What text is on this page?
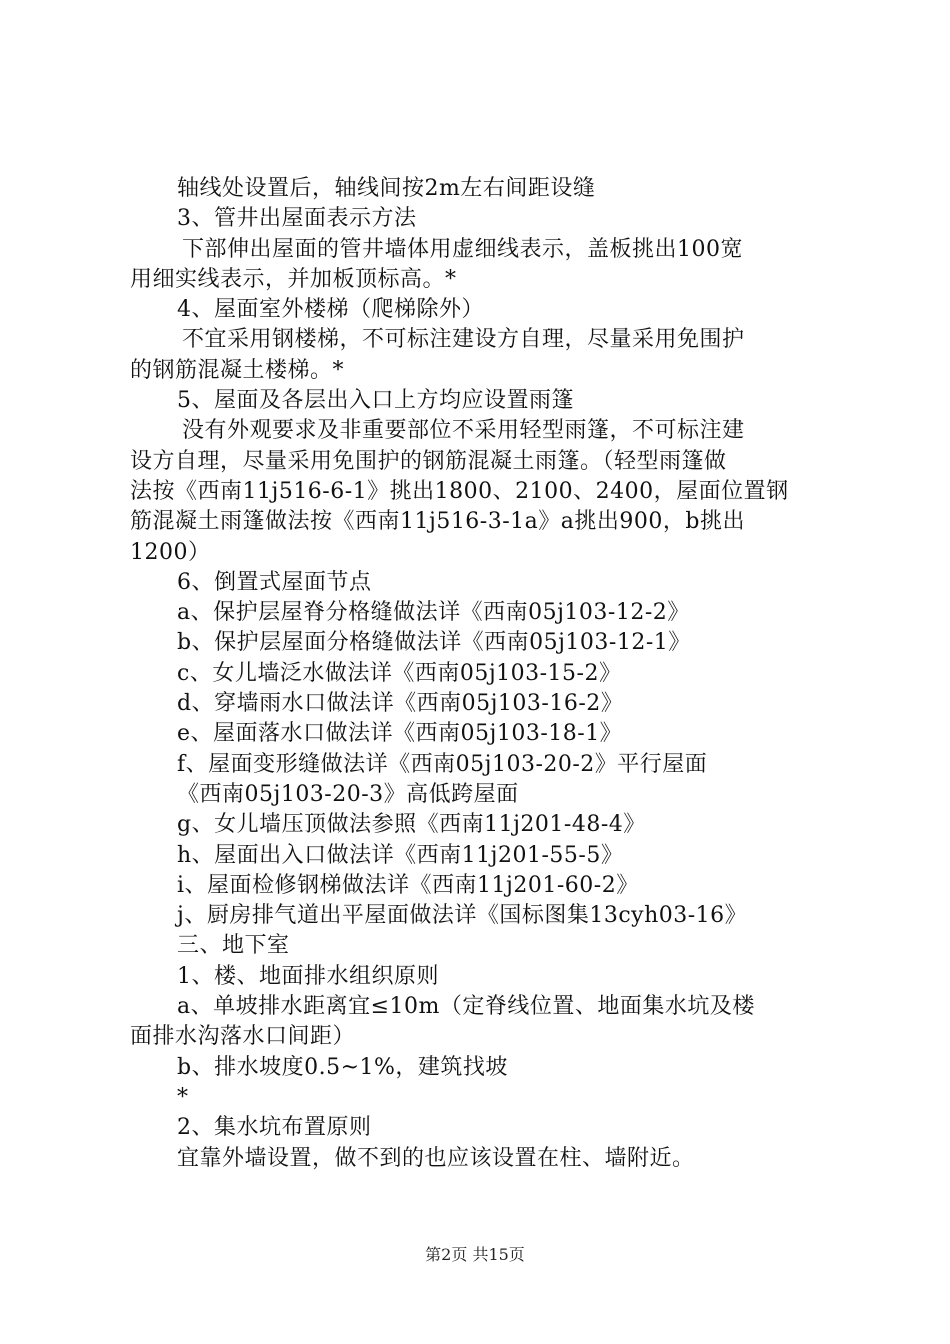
轴线处设置后，轴线间按2m左右间距设缝
3、管井出屋面表示方法
下部伸出屋面的管井墙体用虚细线表示，盖板挑出100宽
用细实线表示，并加板顶标高。*
4、屋面室外楼梯（爬梯除外）
不宜采用钢楼梯，不可标注建设方自理，尽量采用免围护
的钢筋混凝土楼梯。*
5、屋面及各层出入口上方均应设置雨篷
没有外观要求及非重要部位不采用轻型雨篷，不可标注建
设方自理，尽量采用免围护的钢筋混凝土雨篷。（轻型雨篷做
法按《西南11j516-6-1》挑出1800、2100、2400，屋面位置钢
筋混凝土雨篷做法按《西南11j516-3-1a》a挑出900，b挑出
1200）
6、倒置式屋面节点
a、保护层屋脊分格缝做法详《西南05j103-12-2》
b、保护层屋面分格缝做法详《西南05j103-12-1》
c、女儿墙泛水做法详《西南05j103-15-2》
d、穿墙雨水口做法详《西南05j103-16-2》
e、屋面落水口做法详《西南05j103-18-1》
f、屋面变形缝做法详《西南05j103-20-2》平行屋面
《西南05j103-20-3》高低跨屋面
g、女儿墙压顶做法参照《西南11j201-48-4》
h、屋面出入口做法详《西南11j201-55-5》
i、屋面检修钢梯做法详《西南11j201-60-2》
j、厨房排气道出平屋面做法详《国标图集13cyh03-16》
三、地下室
1、楼、地面排水组织原则
a、单坡排水距离宜≤10m（定脊线位置、地面集水坑及楼
面排水沟落水口间距）
b、排水坡度0.5~1%，建筑找坡
*
2、集水坑布置原则
宜靠外墙设置，做不到的也应该设置在柱、墙附近。
第2页 共15页
